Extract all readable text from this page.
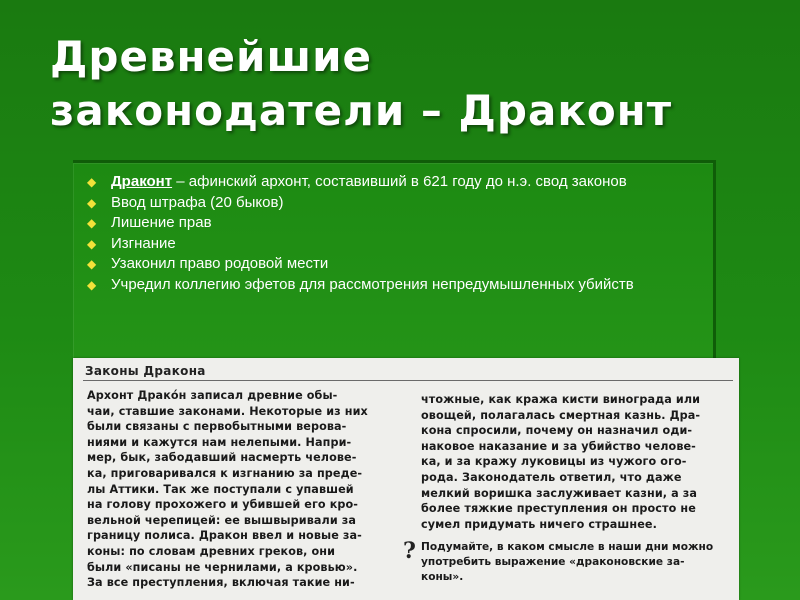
Древнейшие
законодатели – Драконт
◆ Драконт – афинский архонт, составивший в 621 году до н.э. свод законов
◆ Ввод штрафа (20 быков)
◆ Лишение прав
◆ Изгнание
◆ Узаконил право родовой мести
◆ Учредил коллегию эфетов для рассмотрения непредумышленных убийств
Законы Дракона
Архонт Дракóн записал древние обы-
чаи, ставшие законами. Некоторые из них
были связаны с первобытными верова-
ниями и кажутся нам нелепыми. Напри-
мер, бык, забодавший насмерть челове-
ка, приговаривался к изгнанию за преде-
лы Аттики. Так же поступали с упавшей
на голову прохожего и убившей его кро-
вельной черепицей: ее вышвыривали за
границу полиса. Дракон ввел и новые за-
коны: по словам древних греков, они
были «писаны не чернилами, а кровью».
За все преступления, включая такие ни-
чтожные, как кража кисти винограда или
овощей, полагалась смертная казнь. Дра-
кона спросили, почему он назначил оди-
наковое наказание и за убийство челове-
ка, и за кражу луковицы из чужого ого-
рода. Законодатель ответил, что даже
мелкий воришка заслуживает казни, а за
более тяжкие преступления он просто не
сумел придумать ничего страшнее.
? Подумайте, в каком смысле в наши дни можно
употребить выражение «драконовские за-
коны».
